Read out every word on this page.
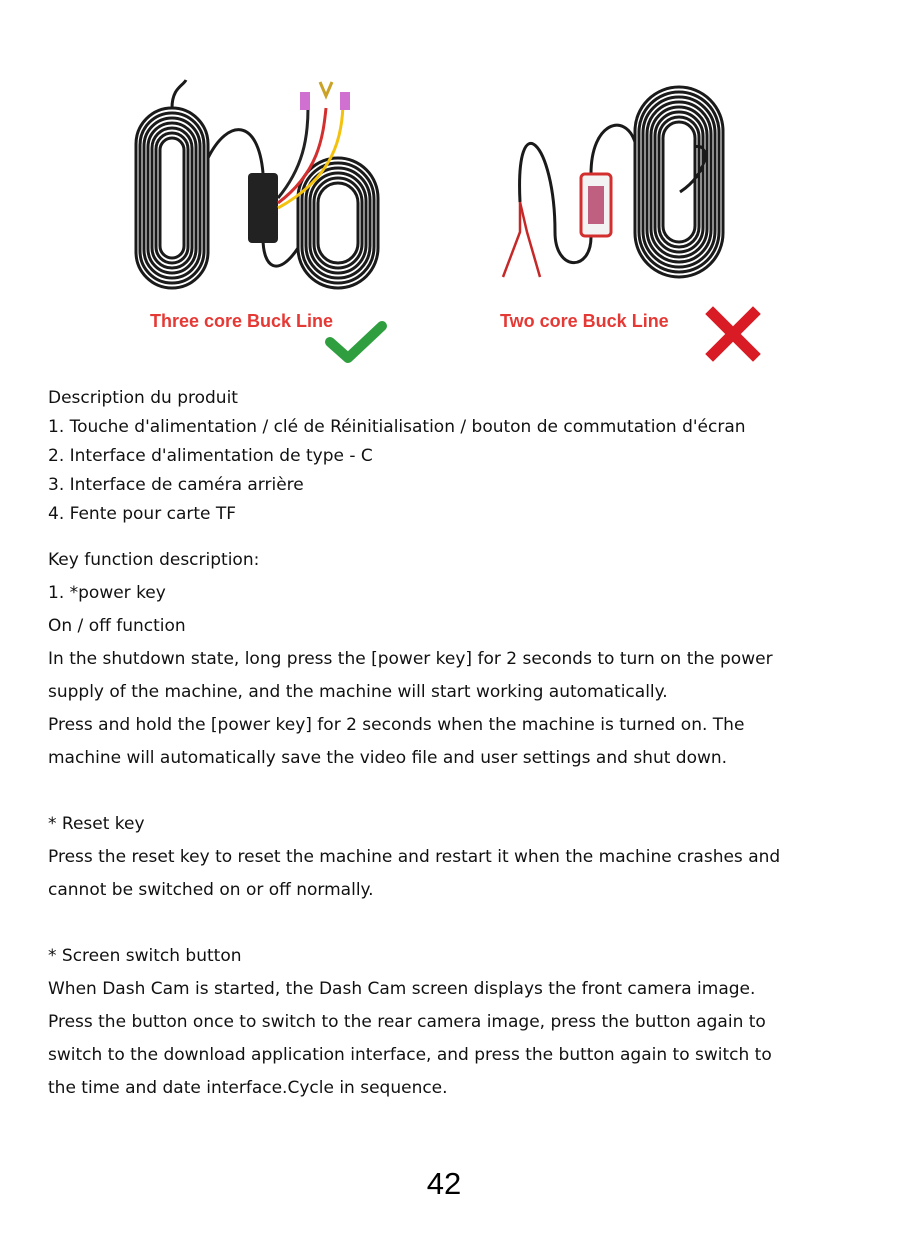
Three core Buck Line	Two core Buck Line

Description du produit

1. Touche d'alimentation / clé de Réinitialisation / bouton de commutation d'écran

2. Interface d'alimentation de type - C

3. Interface de caméra arrière

4. Fente pour carte TF

Key function description:

1. *power key

On / off function

In the shutdown state, long press the [power key] for 2 seconds to turn on the power

supply of the machine, and the machine will start working automatically.

Press and hold the [power key] for 2 seconds when the machine is turned on. The

machine will automatically save the video file and user settings and shut down.

* Reset key

Press the reset key to reset the machine and restart it when the machine crashes and

cannot be switched on or off normally.

* Screen switch button

When Dash Cam is started, the Dash Cam screen displays the front camera image.

Press the button once to switch to the rear camera image, press the button again to

switch to the download application interface, and press the button again to switch to

the time and date interface.Cycle in sequence.

42
